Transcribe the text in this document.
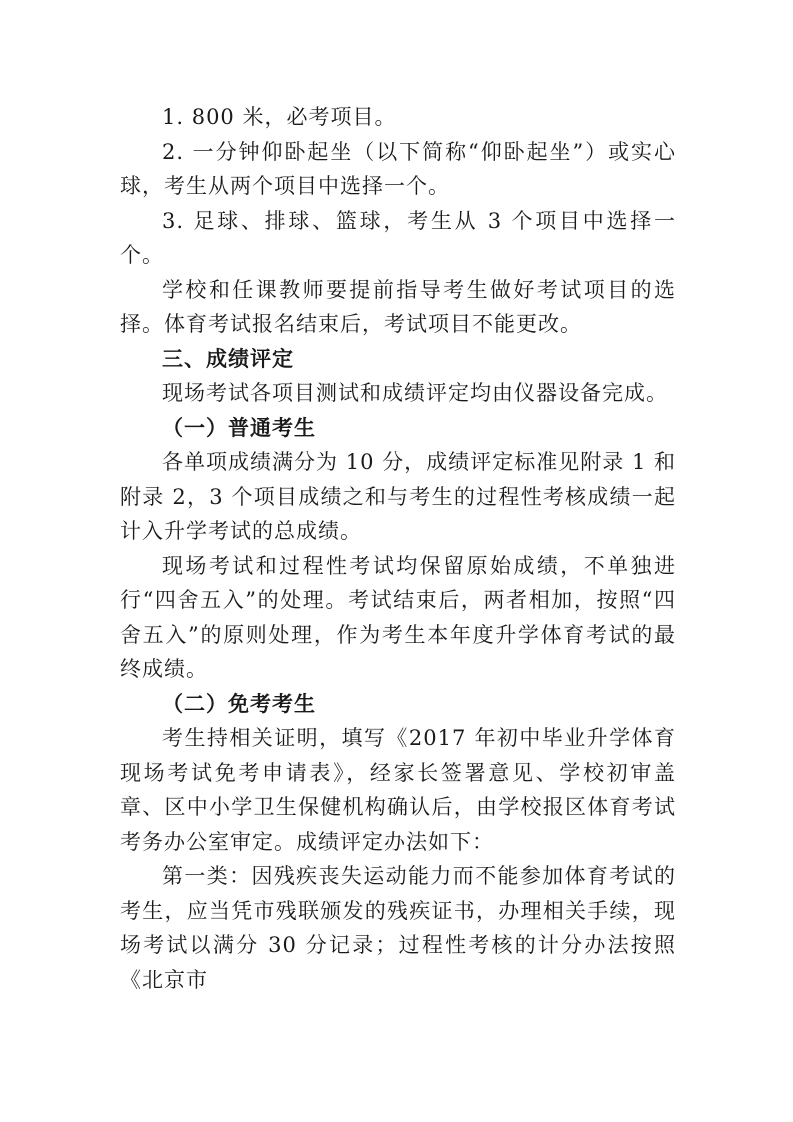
1. 800 米，必考项目。

2. 一分钟仰卧起坐（以下简称“仰卧起坐”）或实心球，考生从两个项目中选择一个。

3. 足球、排球、篮球，考生从 3 个项目中选择一个。

学校和任课教师要提前指导考生做好考试项目的选择。体育考试报名结束后，考试项目不能更改。

三、成绩评定

现场考试各项目测试和成绩评定均由仪器设备完成。

（一）普通考生

各单项成绩满分为 10 分，成绩评定标准见附录 1 和附录 2，3 个项目成绩之和与考生的过程性考核成绩一起计入升学考试的总成绩。

现场考试和过程性考试均保留原始成绩，不单独进行“四舍五入”的处理。考试结束后，两者相加，按照“四舍五入”的原则处理，作为考生本年度升学体育考试的最终成绩。

（二）免考考生

考生持相关证明，填写《2017 年初中毕业升学体育现场考试免考申请表》，经家长签署意见、学校初审盖章、区中小学卫生保健机构确认后，由学校报区体育考试考务办公室审定。成绩评定办法如下：

第一类：因残疾丧失运动能力而不能参加体育考试的考生，应当凭市残联颁发的残疾证书，办理相关手续，现场考试以满分 30 分记录；过程性考核的计分办法按照《北京市
